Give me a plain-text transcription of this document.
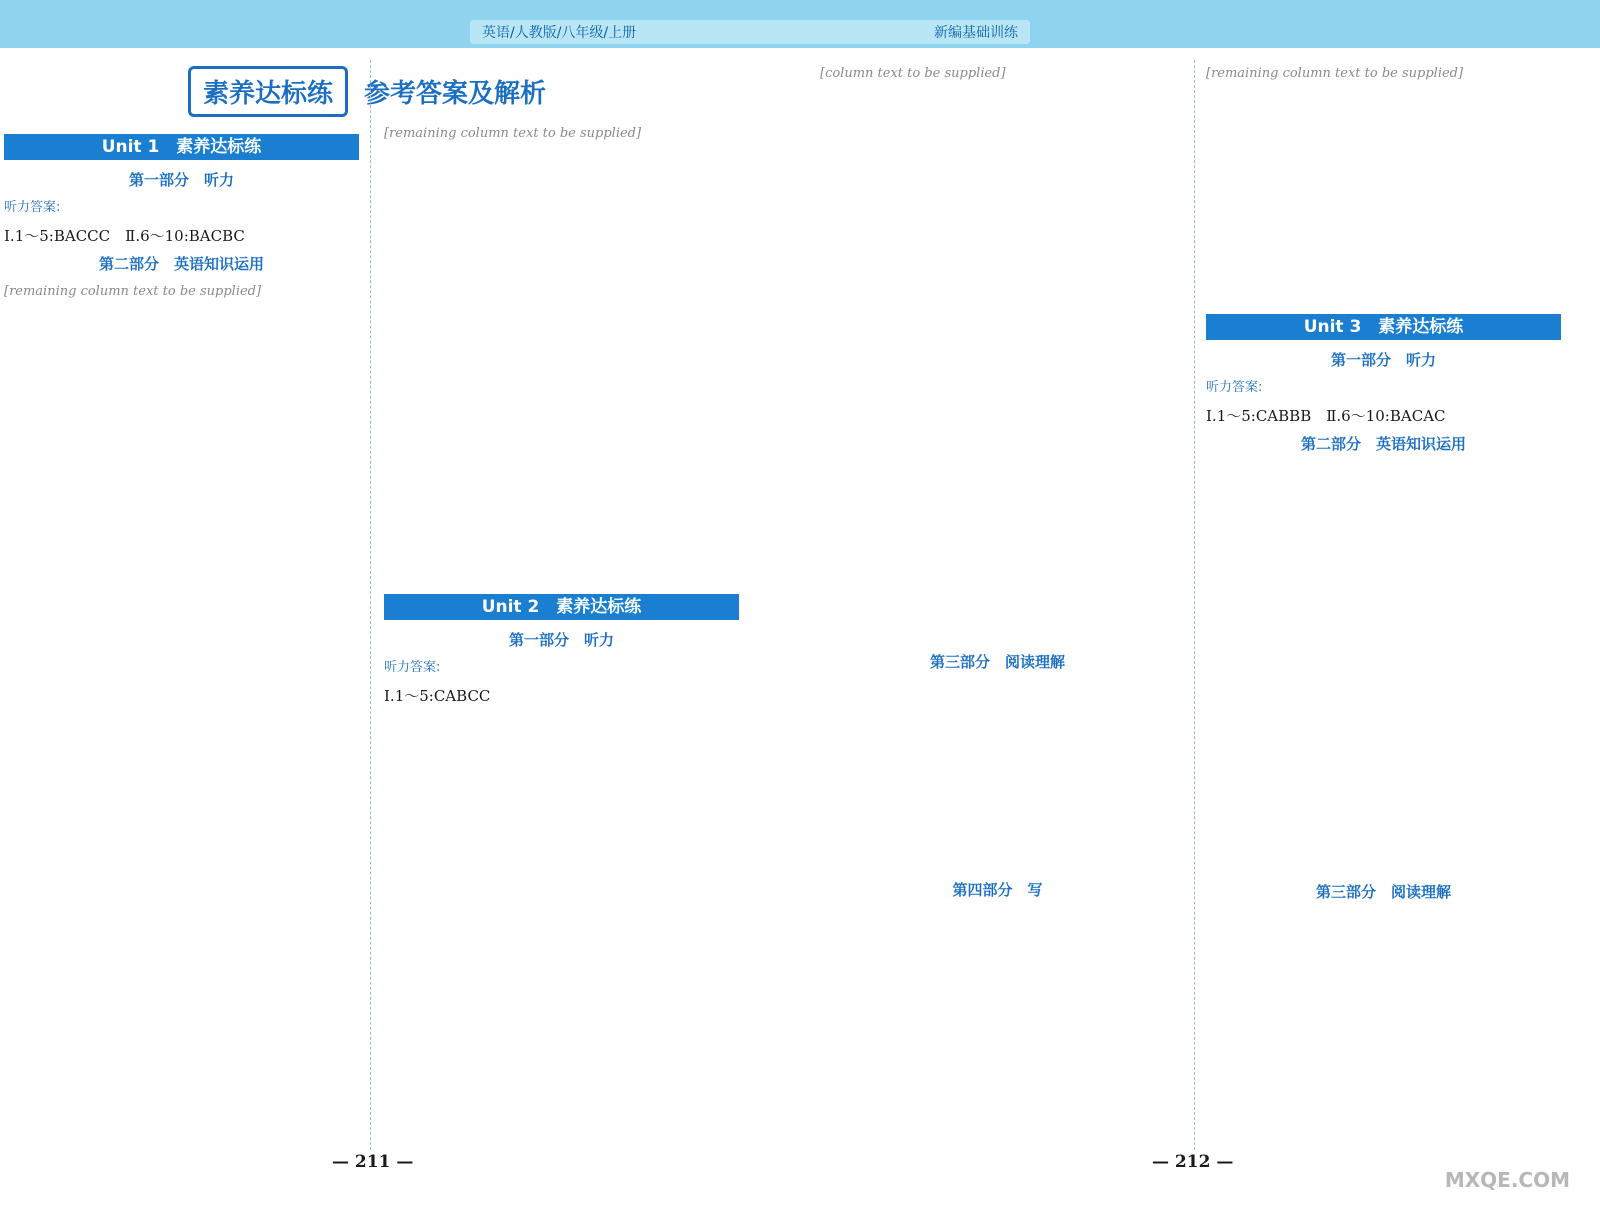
英语/人教版/八年级/上册	新编基础训练
素养达标练	参考答案及解析
Unit 1　素养达标练
第一部分　听力
听力答案:
Ⅰ.1～5:BACCC　Ⅱ.6～10:BACBC
第二部分　英语知识运用
[remaining column text to be supplied]
[remaining column text to be supplied]
Unit 2　素养达标练
第一部分　听力
听力答案:
Ⅰ.1～5:CABCC
[column text to be supplied]
第三部分　阅读理解
第四部分　写
[remaining column text to be supplied]
Unit 3　素养达标练
第一部分　听力
听力答案:
Ⅰ.1～5:CABBB　Ⅱ.6～10:BACAC
第二部分　英语知识运用
第三部分　阅读理解
— 211 —	— 212 —
MXQE.COM
